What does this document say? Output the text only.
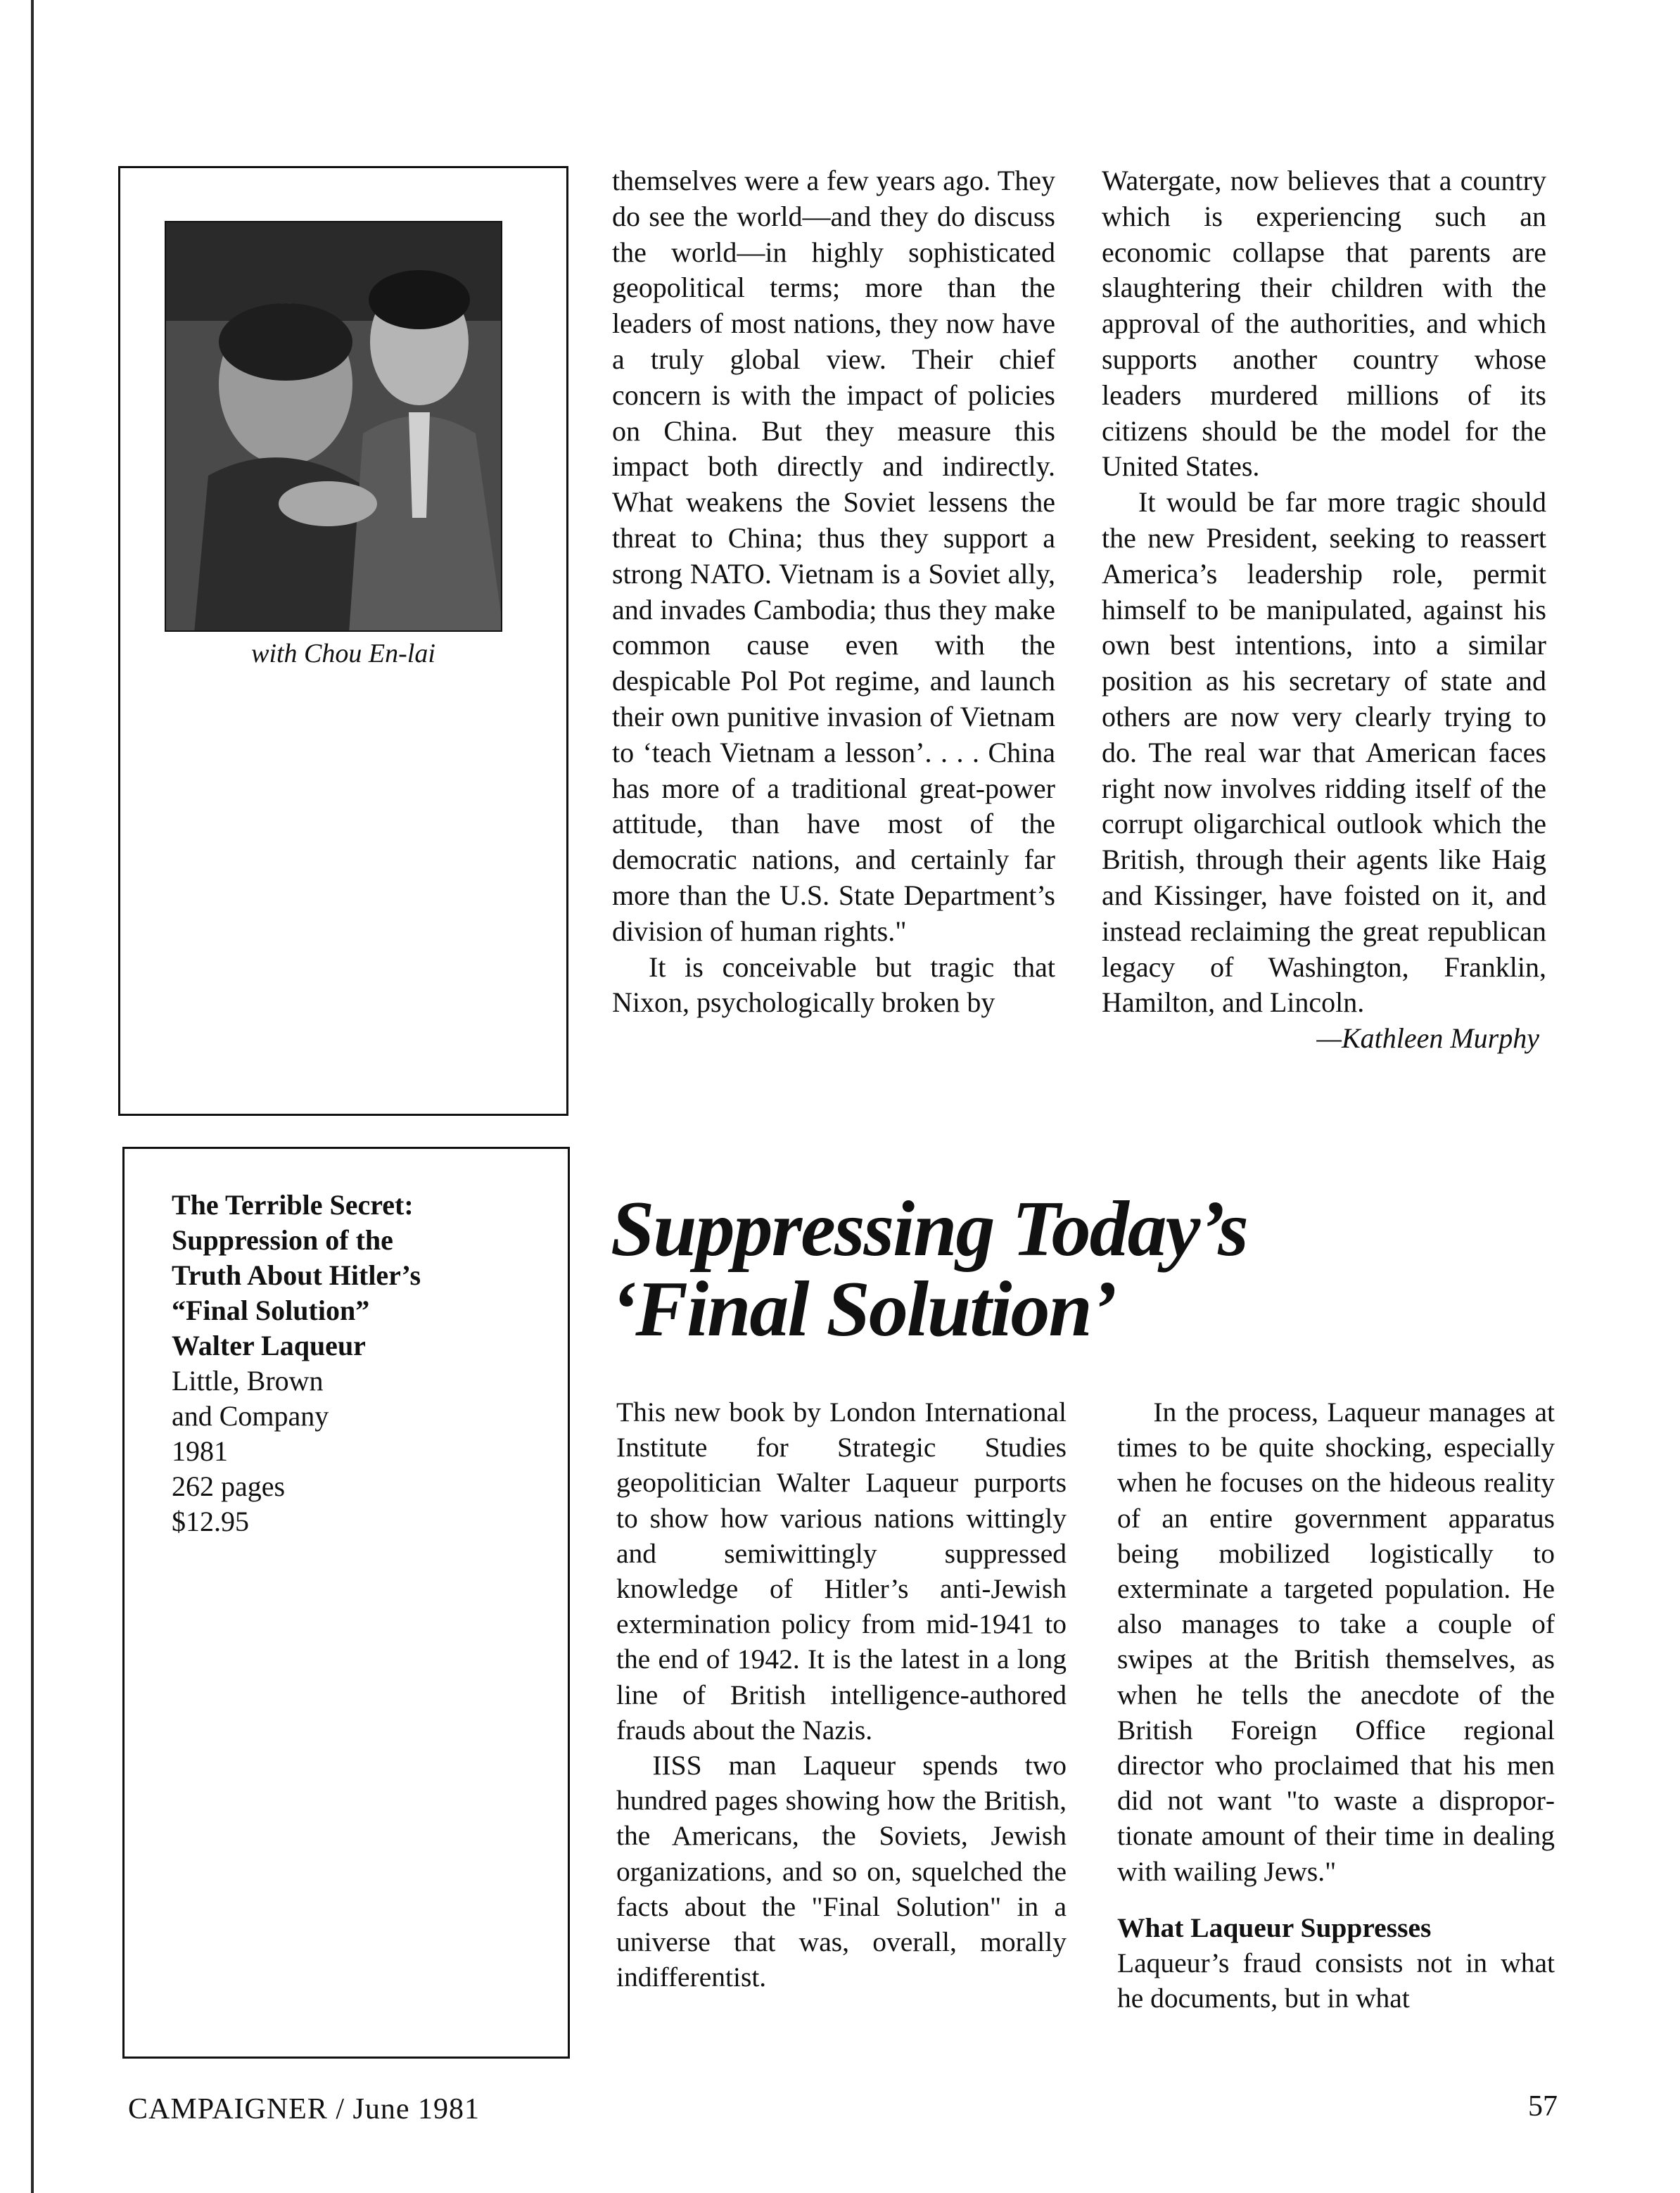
with Chou En-lai

themselves were a few years ago. They do see the world—and they do discuss the world—in highly sophisticated geopolitical terms; more than the leaders of most nations, they now have a truly global view. Their chief concern is with the impact of policies on China. But they measure this impact both directly and indirectly. What weakens the Soviet lessens the threat to China; thus they support a strong NATO. Vietnam is a Soviet ally, and invades Cambodia; thus they make common cause even with the despicable Pol Pot regime, and launch their own punitive invasion of Vietnam to ‘teach Vietnam a lesson’. . . . China has more of a traditional great-power attitude, than have most of the democratic nations, and certainly far more than the U.S. State Department’s division of human rights."

It is conceivable but tragic that Nixon, psychologically broken by

Watergate, now believes that a country which is experiencing such an economic collapse that parents are slaughtering their children with the approval of the authorities, and which supports another country whose leaders murdered millions of its citizens should be the model for the United States.

It would be far more tragic should the new President, seeking to reassert America’s leadership role, permit himself to be manipulated, against his own best intentions, into a similar position as his secretary of state and others are now very clearly trying to do. The real war that American faces right now involves ridding itself of the corrupt oligarchical outlook which the British, through their agents like Haig and Kissinger, have foisted on it, and instead reclaiming the great republican legacy of Washington, Franklin, Hamilton, and Lincoln.

—Kathleen Murphy

The Terrible Secret:
Suppression of the
Truth About Hitler’s
“Final Solution”
Walter Laqueur
Little, Brown
and Company
1981
262 pages
$12.95
Suppressing Today’s
‘Final Solution’

This new book by London International Institute for Strategic Studies geopolitician Walter Laqueur purports to show how various nations wittingly and semiwittingly suppressed knowledge of Hitler’s anti-Jewish extermination policy from mid-1941 to the end of 1942. It is the latest in a long line of British intelligence-authored frauds about the Nazis.

IISS man Laqueur spends two hundred pages showing how the British, the Americans, the Soviets, Jewish organizations, and so on, squelched the facts about the "Final Solution" in a universe that was, overall, morally indifferentist.

In the process, Laqueur manages at times to be quite shocking, especially when he focuses on the hideous reality of an entire government apparatus being mobilized logistically to exterminate a targeted population. He also manages to take a couple of swipes at the British themselves, as when he tells the anecdote of the British Foreign Office regional director who proclaimed that his men did not want "to waste a disproportionate amount of their time in dealing with wailing Jews."

What Laqueur Suppresses

Laqueur’s fraud consists not in what he documents, but in what

CAMPAIGNER / June 1981	57
